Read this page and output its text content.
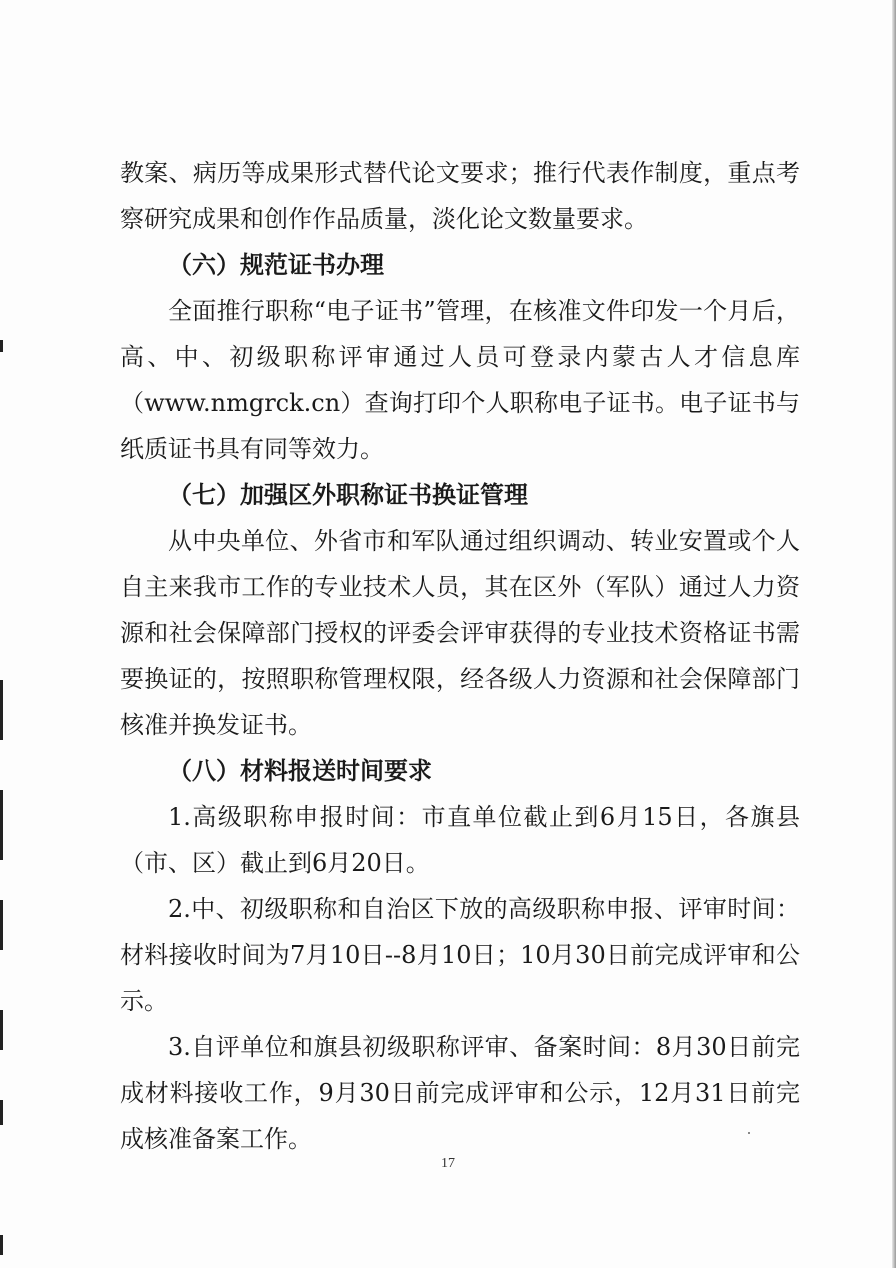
教案、病历等成果形式替代论文要求；推行代表作制度，重点考察研究成果和创作作品质量，淡化论文数量要求。

（六）规范证书办理

全面推行职称“电子证书”管理，在核准文件印发一个月后，高、中、初级职称评审通过人员可登录内蒙古人才信息库（www.nmgrck.cn）查询打印个人职称电子证书。电子证书与纸质证书具有同等效力。

（七）加强区外职称证书换证管理

从中央单位、外省市和军队通过组织调动、转业安置或个人自主来我市工作的专业技术人员，其在区外（军队）通过人力资源和社会保障部门授权的评委会评审获得的专业技术资格证书需要换证的，按照职称管理权限，经各级人力资源和社会保障部门核准并换发证书。

（八）材料报送时间要求

1.高级职称申报时间：市直单位截止到6月15日，各旗县（市、区）截止到6月20日。

2.中、初级职称和自治区下放的高级职称申报、评审时间：材料接收时间为7月10日--8月10日；10月30日前完成评审和公示。

3.自评单位和旗县初级职称评审、备案时间：8月30日前完成材料接收工作，9月30日前完成评审和公示，12月31日前完成核准备案工作。

17
